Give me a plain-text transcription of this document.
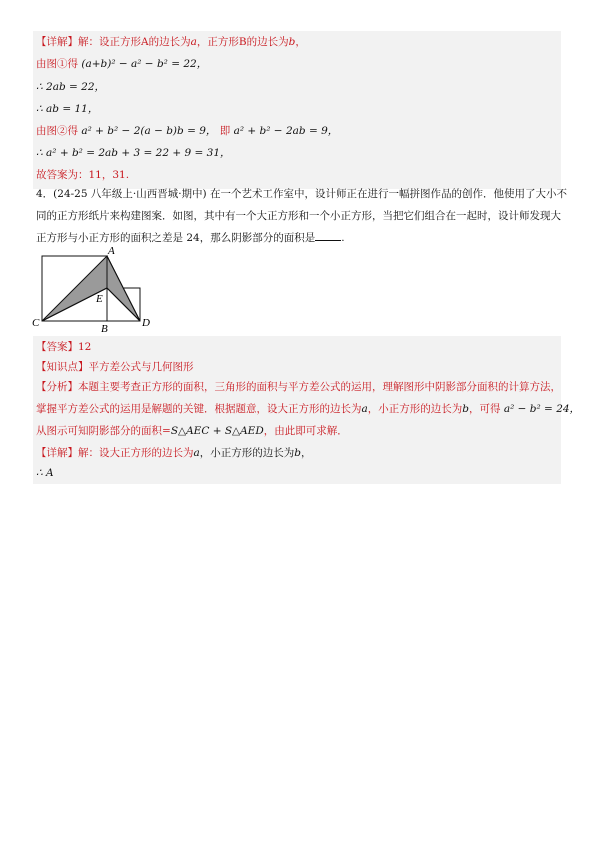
【详解】解：设正方形A的边长为a，正方形B的边长为b，
由图①得 (a+b)² − a² − b² = 22，
∴ 2ab = 22，
∴ ab = 11，
由图②得 a² + b² − 2(a − b)b = 9， 即 a² + b² − 2ab = 9，
∴ a² + b² = 2ab + 3 = 22 + 9 = 31，
故答案为：11，31.
4．(24-25 八年级上·山西晋城·期中) 在一个艺术工作室中，设计师正在进行一幅拼图作品的创作．他使用了大小不
同的正方形纸片来构建图案．如图，其中有一个大正方形和一个小正方形，当把它们组合在一起时，设计师发现大
正方形与小正方形的面积之差是 24，那么阴影部分的面积是 .
A
E
C	B	D
【答案】12
【知识点】平方差公式与几何图形
【分析】本题主要考查正方形的面积，三角形的面积与平方差公式的运用，理解图形中阴影部分面积的计算方法，
掌握平方差公式的运用是解题的关键．根据题意，设大正方形的边长为a，小正方形的边长为b，可得 a² − b² = 24，
从图示可知阴影部分的面积=S△AEC + S△AED，由此即可求解．
【详解】解：设大正方形的边长为a，小正方形的边长为b，
∴ A
